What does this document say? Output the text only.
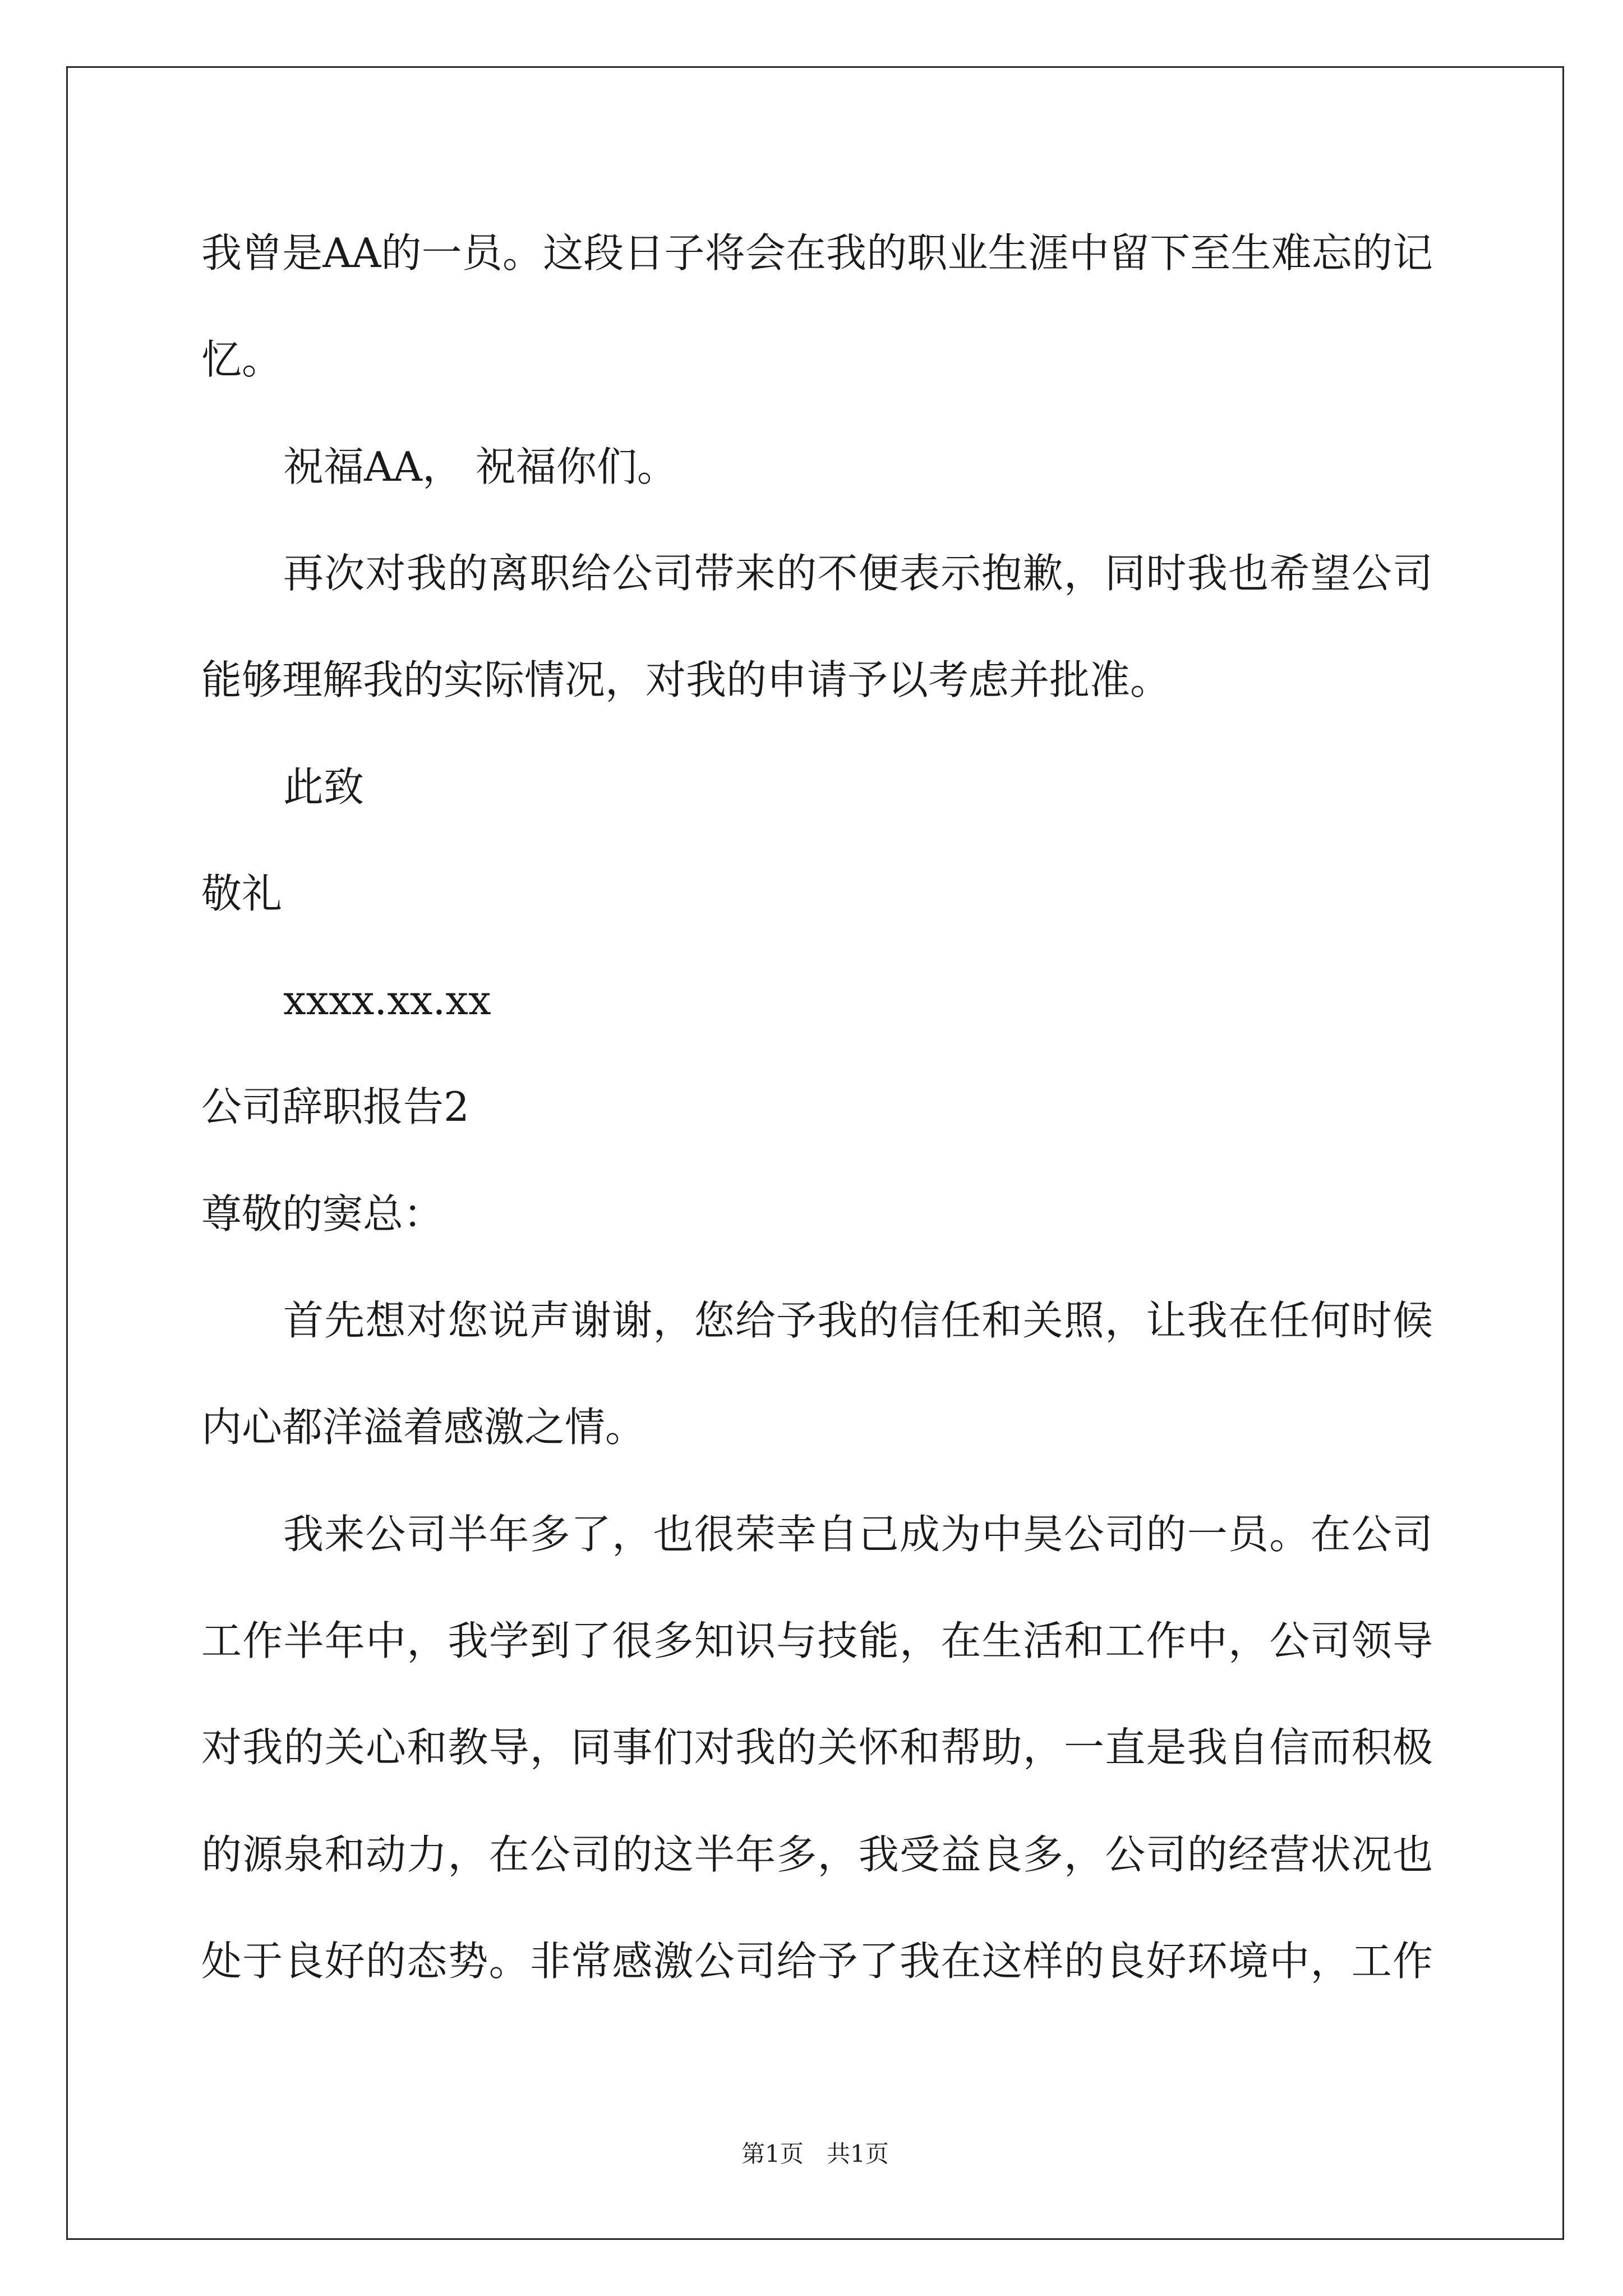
我曾是AA的一员。这段日子将会在我的职业生涯中留下至生难忘的记
忆。
祝福AA， 祝福你们。
再次对我的离职给公司带来的不便表示抱歉，同时我也希望公司
能够理解我的实际情况，对我的申请予以考虑并批准。
此致
敬礼
xxxx.xx.xx
公司辞职报告2
尊敬的窦总：
首先想对您说声谢谢，您给予我的信任和关照，让我在任何时候
内心都洋溢着感激之情。
我来公司半年多了，也很荣幸自己成为中昊公司的一员。在公司
工作半年中，我学到了很多知识与技能，在生活和工作中，公司领导
对我的关心和教导，同事们对我的关怀和帮助，一直是我自信而积极
的源泉和动力，在公司的这半年多，我受益良多，公司的经营状况也
处于良好的态势。非常感激公司给予了我在这样的良好环境中，工作
第1页 共1页
